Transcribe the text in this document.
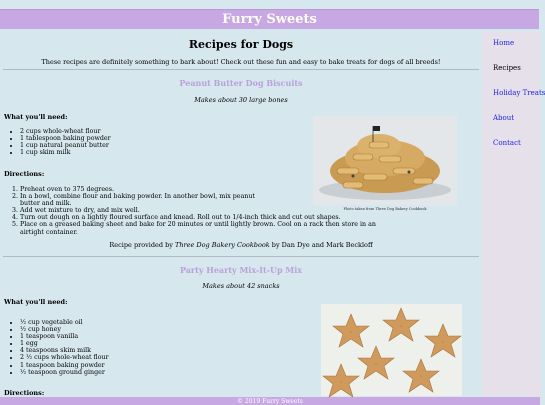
Furry Sweets
Recipes for Dogs
These recipes are definitely something to bark about! Check out these fun and easy to bake treats for dogs of all breeds!
Peanut Butter Dog Biscuits
Makes about 30 large bones
What you'll need:
• 2 cups whole-wheat flour
• 1 tablespoon baking powder
• 1 cup natural peanut butter
• 1 cup skim milk
Photo taken from Three Dog Bakery Cookbook
Directions:
1. Preheat oven to 375 degrees.
2. In a bowl, combine flour and baking powder. In another bowl, mix peanut butter and milk.
3. Add wet mixture to dry, and mix well.
4. Turn out dough on a lightly floured surface and knead. Roll out to 1/4-inch thick and cut out shapes.
5. Place on a greased baking sheet and bake for 20 minutes or until lightly brown. Cool on a rack then store in an airtight container.
Recipe provided by Three Dog Bakery Cookbook by Dan Dye and Mark Beckloff
Party Hearty Mix-It-Up Mix
Makes about 42 snacks
What you'll need:
• ½ cup vegetable oil
• ½ cup honey
• 1 teaspoon vanilla
• 1 egg
• 4 teaspoons skim milk
• 2 ½ cups whole-wheat flour
• 1 teaspoon baking powder
• ½ teaspoon ground ginger
Directions:
Home
Recipes
Holiday Treats
About
Contact
© 2019 Furry Sweets
